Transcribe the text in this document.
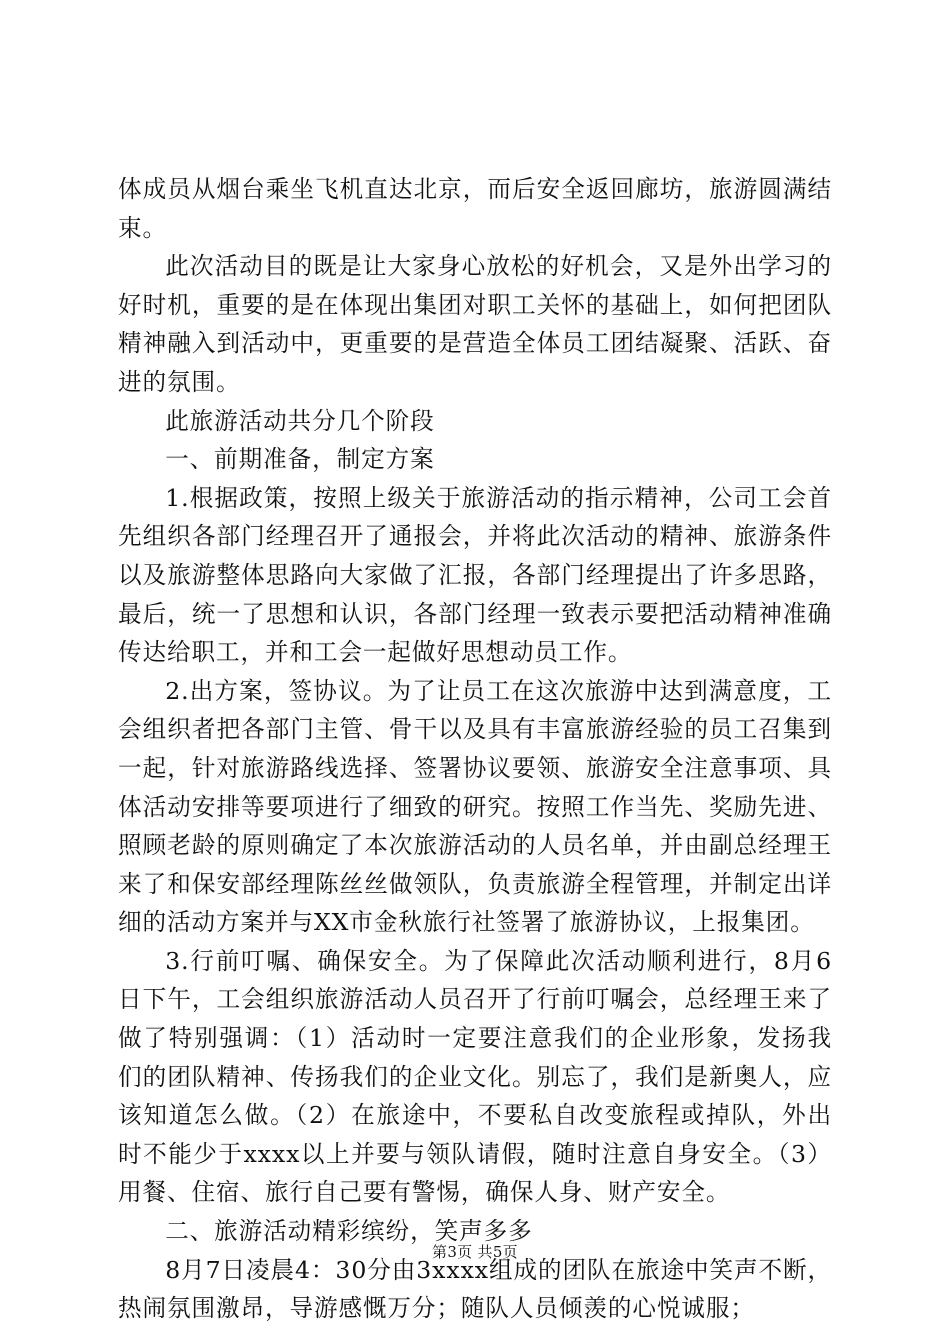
体成员从烟台乘坐飞机直达北京，而后安全返回廊坊，旅游圆满结束。

此次活动目的既是让大家身心放松的好机会，又是外出学习的好时机，重要的是在体现出集团对职工关怀的基础上，如何把团队精神融入到活动中，更重要的是营造全体员工团结凝聚、活跃、奋进的氛围。

此旅游活动共分几个阶段

一、前期准备，制定方案

1.根据政策，按照上级关于旅游活动的指示精神，公司工会首先组织各部门经理召开了通报会，并将此次活动的精神、旅游条件以及旅游整体思路向大家做了汇报，各部门经理提出了许多思路，最后，统一了思想和认识，各部门经理一致表示要把活动精神准确传达给职工，并和工会一起做好思想动员工作。

2.出方案，签协议。为了让员工在这次旅游中达到满意度，工会组织者把各部门主管、骨干以及具有丰富旅游经验的员工召集到一起，针对旅游路线选择、签署协议要领、旅游安全注意事项、具体活动安排等要项进行了细致的研究。按照工作当先、奖励先进、照顾老龄的原则确定了本次旅游活动的人员名单，并由副总经理王来了和保安部经理陈丝丝做领队，负责旅游全程管理，并制定出详细的活动方案并与XX市金秋旅行社签署了旅游协议，上报集团。

3.行前叮嘱、确保安全。为了保障此次活动顺利进行，8月6日下午，工会组织旅游活动人员召开了行前叮嘱会，总经理王来了做了特别强调：（1）活动时一定要注意我们的企业形象，发扬我们的团队精神、传扬我们的企业文化。别忘了，我们是新奥人，应该知道怎么做。（2）在旅途中，不要私自改变旅程或掉队，外出时不能少于xxxx以上并要与领队请假，随时注意自身安全。（3）用餐、住宿、旅行自己要有警惕，确保人身、财产安全。

二、旅游活动精彩缤纷，笑声多多

8月7日凌晨4：30分由3xxxx组成的团队在旅途中笑声不断，热闹氛围激昂，导游感慨万分；随队人员倾羡的心悦诚服；

第3页 共5页
